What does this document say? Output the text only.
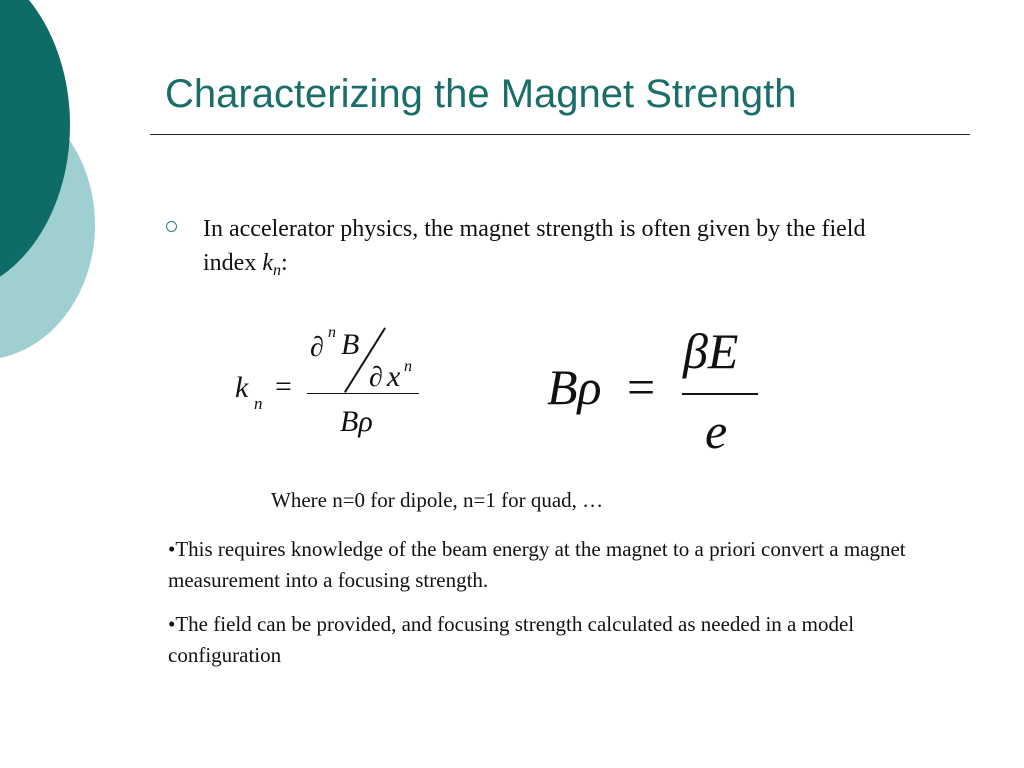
Characterizing the Magnet Strength
In accelerator physics, the magnet strength is often given by the field index $k_n$:
k n
=
∂ n B
∂ x n
Bρ
Bρ =
βE
e
Where n=0 for dipole, n=1 for quad, …
•This requires knowledge of the beam energy at the magnet to a priori convert a magnet measurement into a focusing strength.
•The field can be provided, and focusing strength calculated as needed in a model configuration
